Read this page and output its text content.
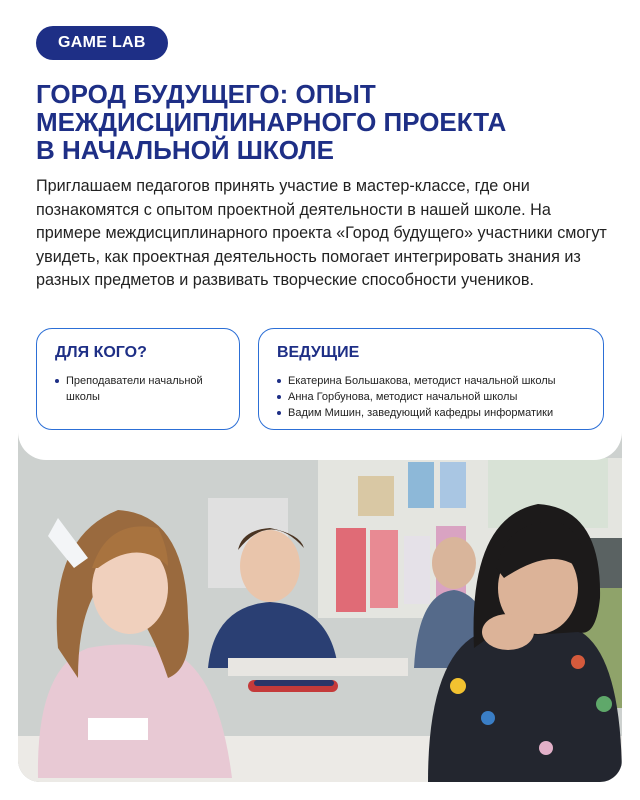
GAME LAB
ГОРОД БУДУЩЕГО: ОПЫТ
МЕЖДИСЦИПЛИНАРНОГО ПРОЕКТА
В НАЧАЛЬНОЙ ШКОЛЕ

Приглашаем педагогов принять участие в мастер-классе, где они познакомятся с опытом проектной деятельности в нашей школе. На примере междисциплинарного проекта «Город будущего» участники смогут увидеть, как проектная деятельность помогает интегрировать знания из разных предметов и развивать творческие способности учеников.

ДЛЯ КОГО?
Преподаватели начальной школы
ВЕДУЩИЕ
Екатерина Большакова, методист начальной школы
Анна Горбунова, методист начальной школы
Вадим Мишин, заведующий кафедры информатики
